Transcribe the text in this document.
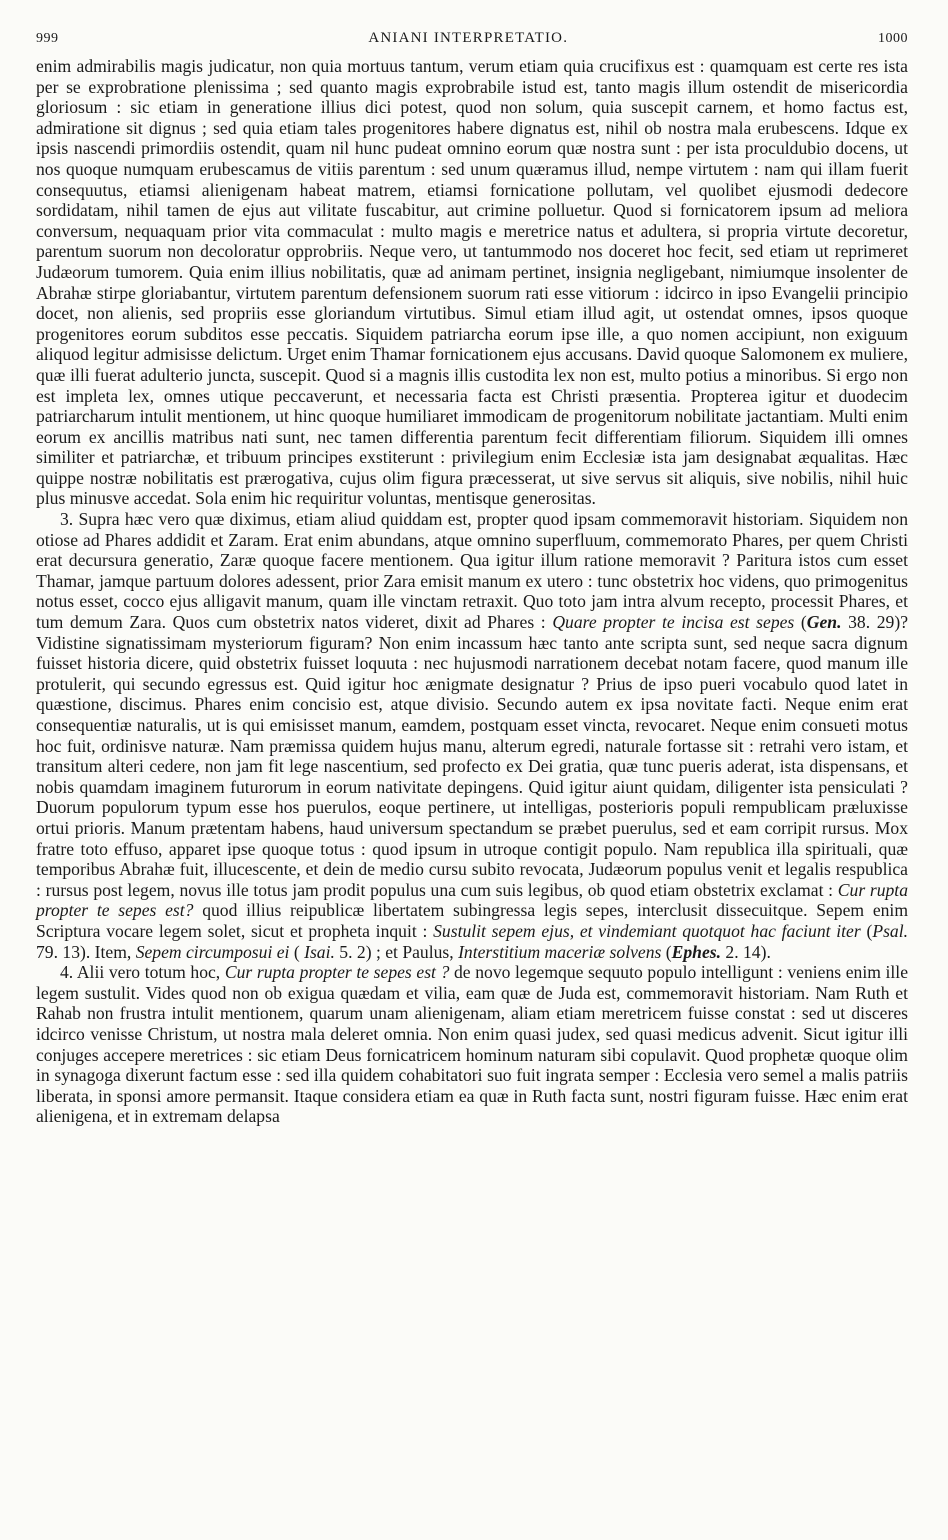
999	ANIANI INTERPRETATIO.	1000

enim admirabilis magis judicatur, non quia mortuus tantum, verum etiam quia crucifixus est : quamquam est certe res ista per se exprobratione plenissima ; sed quanto magis exprobrabile istud est, tanto magis illum ostendit de misericordia gloriosum : sic etiam in generatione illius dici potest, quod non solum, quia suscepit carnem, et homo factus est, admiratione sit dignus ; sed quia etiam tales progenitores habere dignatus est, nihil ob nostra mala erubescens. Idque ex ipsis nascendi primordiis ostendit, quam nil hunc pudeat omnino eorum quæ nostra sunt : per ista proculdubio docens, ut nos quoque numquam erubescamus de vitiis parentum : sed unum quæramus illud, nempe virtutem : nam qui illam fuerit consequutus, etiamsi alienigenam habeat matrem, etiamsi fornicatione pollutam, vel quolibet ejusmodi dedecore sordidatam, nihil tamen de ejus aut vilitate fuscabitur, aut crimine polluetur. Quod si fornicatorem ipsum ad meliora conversum, nequaquam prior vita commaculat : multo magis e meretrice natus et adultera, si propria virtute decoretur, parentum suorum non decoloratur opprobriis. Neque vero, ut tantummodo nos doceret hoc fecit, sed etiam ut reprimeret Judæorum tumorem. Quia enim illius nobilitatis, quæ ad animam pertinet, insignia negligebant, nimiumque insolenter de Abrahæ stirpe gloriabantur, virtutem parentum defensionem suorum rati esse vitiorum : idcirco in ipso Evangelii principio docet, non alienis, sed propriis esse gloriandum virtutibus. Simul etiam illud agit, ut ostendat omnes, ipsos quoque progenitores eorum subditos esse peccatis. Siquidem patriarcha eorum ipse ille, a quo nomen accipiunt, non exiguum aliquod legitur admisisse delictum. Urget enim Thamar fornicationem ejus accusans. David quoque Salomonem ex muliere, quæ illi fuerat adulterio juncta, suscepit. Quod si a magnis illis custodita lex non est, multo potius a minoribus. Si ergo non est impleta lex, omnes utique peccaverunt, et necessaria facta est Christi præsentia. Propterea igitur et duodecim patriarcharum intulit mentionem, ut hinc quoque humiliaret immodicam de progenitorum nobilitate jactantiam. Multi enim eorum ex ancillis matribus nati sunt, nec tamen differentia parentum fecit differentiam filiorum. Siquidem illi omnes similiter et patriarchæ, et tribuum principes exstiterunt : privilegium enim Ecclesiæ ista jam designabat æqualitas. Hæc quippe nostræ nobilitatis est prærogativa, cujus olim figura præcesserat, ut sive servus sit aliquis, sive nobilis, nihil huic plus minusve accedat. Sola enim hic requiritur voluntas, mentisque generositas.

3. Supra hæc vero quæ diximus, etiam aliud quiddam est, propter quod ipsam commemoravit historiam. Siquidem non otiose ad Phares addidit et Zaram. Erat enim abundans, atque omnino superfluum, commemorato Phares, per quem Christi erat decursura generatio, Zaræ quoque facere mentionem. Qua igitur illum ratione memoravit ? Paritura istos cum esset Thamar, jamque partuum dolores adessent, prior Zara emisit manum ex utero : tunc obstetrix hoc videns, quo primogenitus notus esset, cocco ejus alligavit manum, quam ille vinctam retraxit. Quo toto jam intra alvum recepto, processit Phares, et tum demum Zara. Quos cum obstetrix natos videret, dixit ad Phares : Quare propter te incisa est sepes (Gen. 38. 29)? Vidistine signatissimam mysteriorum figuram? Non enim incassum hæc tanto ante scripta sunt, sed neque sacra dignum fuisset historia dicere, quid obstetrix fuisset loquuta : nec hujusmodi narrationem decebat notam facere, quod manum ille protulerit, qui secundo egressus est. Quid igitur hoc ænigmate designatur ? Prius de ipso pueri vocabulo quod latet in quæstione, discimus. Phares enim concisio est, atque divisio. Secundo autem ex ipsa novitate facti. Neque enim erat consequentiæ naturalis, ut is qui emisisset manum, eamdem, postquam esset vincta, revocaret. Neque enim consueti motus hoc fuit, ordinisve naturæ. Nam præmissa quidem hujus manu, alterum egredi, naturale fortasse sit : retrahi vero istam, et transitum alteri cedere, non jam fit lege nascentium, sed profecto ex Dei gratia, quæ tunc pueris aderat, ista dispensans, et nobis quamdam imaginem futurorum in eorum nativitate depingens. Quid igitur aiunt quidam, diligenter ista pensiculati ? Duorum populorum typum esse hos puerulos, eoque pertinere, ut intelligas, posterioris populi rempublicam præluxisse ortui prioris. Manum prætentam habens, haud universum spectandum se præbet puerulus, sed et eam corripit rursus. Mox fratre toto effuso, apparet ipse quoque totus : quod ipsum in utroque contigit populo. Nam republica illa spirituali, quæ temporibus Abrahæ fuit, illucescente, et dein de medio cursu subito revocata, Judæorum populus venit et legalis respublica : rursus post legem, novus ille totus jam prodit populus una cum suis legibus, ob quod etiam obstetrix exclamat : Cur rupta propter te sepes est? quod illius reipublicæ libertatem subingressa legis sepes, interclusit dissecuitque. Sepem enim Scriptura vocare legem solet, sicut et propheta inquit : Sustulit sepem ejus, et vindemiant quotquot hac faciunt iter (Psal. 79. 13). Item, Sepem circumposui ei ( Isai. 5. 2) ; et Paulus, Interstitium maceriæ solvens (Ephes. 2. 14).

4. Alii vero totum hoc, Cur rupta propter te sepes est ? de novo legemque sequuto populo intelligunt : veniens enim ille legem sustulit. Vides quod non ob exigua quædam et vilia, eam quæ de Juda est, commemoravit historiam. Nam Ruth et Rahab non frustra intulit mentionem, quarum unam alienigenam, aliam etiam meretricem fuisse constat : sed ut disceres idcirco venisse Christum, ut nostra mala deleret omnia. Non enim quasi judex, sed quasi medicus advenit. Sicut igitur illi conjuges accepere meretrices : sic etiam Deus fornicatricem hominum naturam sibi copulavit. Quod prophetæ quoque olim in synagoga dixerunt factum esse : sed illa quidem cohabitatori suo fuit ingrata semper : Ecclesia vero semel a malis patriis liberata, in sponsi amore permansit. Itaque considera etiam ea quæ in Ruth facta sunt, nostri figuram fuisse. Hæc enim erat alienigena, et in extremam delapsa
